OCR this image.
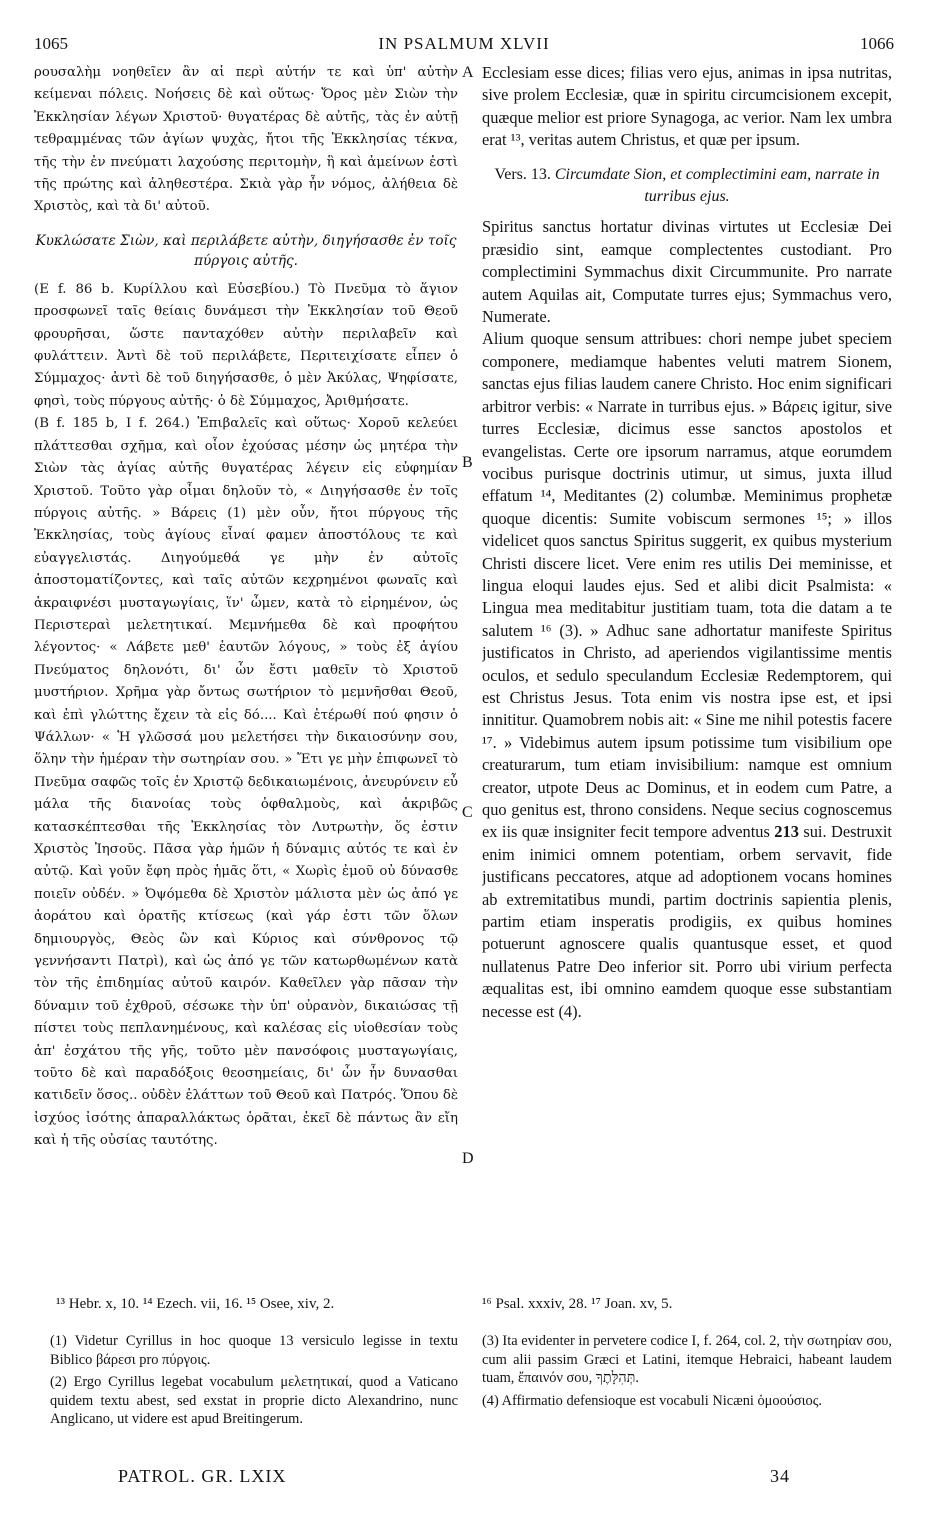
1065	IN PSALMUM XLVII	1066

ρουσαλὴμ νοηθεῖεν ἂν αἱ περὶ αὐτήν τε καὶ ὑπ' αὐτὴν κείμεναι πόλεις. Νοήσεις δὲ καὶ οὕτως· Ὄρος μὲν Σιὼν τὴν Ἐκκλησίαν λέγων Χριστοῦ· θυγατέρας δὲ αὐτῆς, τὰς ἐν αὐτῇ τεθραμμένας τῶν ἁγίων ψυχὰς, ἤτοι τῆς Ἐκκλησίας τέκνα, τῆς τὴν ἐν πνεύματι λαχούσης περιτομὴν, ἣ καὶ ἀμείνων ἐστὶ τῆς πρώτης καὶ ἀληθεστέρα. Σκιὰ γὰρ ἦν νόμος, ἀλήθεια δὲ Χριστὸς, καὶ τὰ δι' αὐτοῦ.

Κυκλώσατε Σιὼν, καὶ περιλάβετε αὐτὴν, διηγήσασθε ἐν τοῖς πύργοις αὐτῆς.

(E f. 86 b. Κυρίλλου καὶ Εὐσεβίου.) Τὸ Πνεῦμα τὸ ἅγιον προσφωνεῖ ταῖς θείαις δυνάμεσι τὴν Ἐκκλησίαν τοῦ Θεοῦ φρουρῆσαι, ὥστε πανταχόθεν αὐτὴν περιλαβεῖν καὶ φυλάττειν. Ἀντὶ δὲ τοῦ περιλάβετε, Περιτειχίσατε εἶπεν ὁ Σύμμαχος· ἀντὶ δὲ τοῦ διηγήσασθε, ὁ μὲν Ἀκύλας, Ψηφίσατε, φησὶ, τοὺς πύργους αὐτῆς· ὁ δὲ Σύμμαχος, Ἀριθμήσατε.

(B f. 185 b, I f. 264.) Ἐπιβαλεῖς καὶ οὕτως· Χοροῦ κελεύει πλάττεσθαι σχῆμα, καὶ οἷον ἐχούσας μέσην ὡς μητέρα τὴν Σιὼν τὰς ἁγίας αὐτῆς θυγατέρας λέγειν εἰς εὐφημίαν Χριστοῦ. Τοῦτο γὰρ οἶμαι δηλοῦν τὸ, « Διηγήσασθε ἐν τοῖς πύργοις αὐτῆς. » Βάρεις (1) μὲν οὖν, ἤτοι πύργους τῆς Ἐκκλησίας, τοὺς ἁγίους εἶναί φαμεν ἀποστόλους τε καὶ εὐαγγελιστάς. Διηγούμεθά γε μὴν ἐν αὐτοῖς ἀποστοματίζοντες, καὶ ταῖς αὐτῶν κεχρημένοι φωναῖς καὶ ἀκραιφνέσι μυσταγωγίαις, ἵν' ὦμεν, κατὰ τὸ εἰρημένον, ὡς Περιστεραὶ μελετητικαί. Μεμνήμεθα δὲ καὶ προφήτου λέγοντος· « Λάβετε μεθ' ἑαυτῶν λόγους, » τοὺς ἐξ ἁγίου Πνεύματος δηλονότι, δι' ὧν ἔστι μαθεῖν τὸ Χριστοῦ μυστήριον. Χρῆμα γὰρ ὄντως σωτήριον τὸ μεμνῆσθαι Θεοῦ, καὶ ἐπὶ γλώττης ἔχειν τὰ εἰς δό.... Καὶ ἑτέρωθί πού φησιν ὁ Ψάλλων· « Ἡ γλῶσσά μου μελετήσει τὴν δικαιοσύνην σου, ὅλην τὴν ἡμέραν τὴν σωτηρίαν σου. » Ἔτι γε μὴν ἐπιφωνεῖ τὸ Πνεῦμα σαφῶς τοῖς ἐν Χριστῷ δεδικαιωμένοις, ἀνευρύνειν εὖ μάλα τῆς διανοίας τοὺς ὀφθαλμοὺς, καὶ ἀκριβῶς κατασκέπτεσθαι τῆς Ἐκκλησίας τὸν Λυτρωτὴν, ὅς ἐστιν Χριστὸς Ἰησοῦς. Πᾶσα γὰρ ἡμῶν ἡ δύναμις αὐτός τε καὶ ἐν αὐτῷ. Καὶ γοῦν ἔφη πρὸς ἡμᾶς ὅτι, « Χωρὶς ἐμοῦ οὐ δύνασθε ποιεῖν οὐδέν. » Ὀψόμεθα δὲ Χριστὸν μάλιστα μὲν ὡς ἀπό γε ἀοράτου καὶ ὁρατῆς κτίσεως (καὶ γάρ ἐστι τῶν ὅλων δημιουργὸς, Θεὸς ὢν καὶ Κύριος καὶ σύνθρονος τῷ γεννήσαντι Πατρὶ), καὶ ὡς ἀπό γε τῶν κατωρθωμένων κατὰ τὸν τῆς ἐπιδημίας αὐτοῦ καιρόν. Καθεῖλεν γὰρ πᾶσαν τὴν δύναμιν τοῦ ἐχθροῦ, σέσωκε τὴν ὑπ' οὐρανὸν, δικαιώσας τῇ πίστει τοὺς πεπλανημένους, καὶ καλέσας εἰς υἱοθεσίαν τοὺς ἀπ' ἐσχάτου τῆς γῆς, τοῦτο μὲν πανσόφοις μυσταγωγίαις, τοῦτο δὲ καὶ παραδόξοις θεοσημείαις, δι' ὧν ἦν δυνασθαι κατιδεῖν ὅσος.. οὐδὲν ἐλάττων τοῦ Θεοῦ καὶ Πατρός. Ὅπου δὲ ἰσχύος ἰσότης ἀπαραλλάκτως ὁρᾶται, ἐκεῖ δὲ πάντως ἂν εἴη καὶ ἡ τῆς οὐσίας ταυτότης.

Ecclesiam esse dices; filias vero ejus, animas in ipsa nutritas, sive prolem Ecclesiæ, quæ in spiritu circumcisionem excepit, quæque melior est priore Synagoga, ac verior. Nam lex umbra erat ¹³, veritas autem Christus, et quæ per ipsum.

Vers. 13. Circumdate Sion, et complectimini eam, narrate in turribus ejus.

Spiritus sanctus hortatur divinas virtutes ut Ecclesiæ Dei præsidio sint, eamque complectentes custodiant. Pro complectimini Symmachus dixit Circummunite. Pro narrate autem Aquilas ait, Computate turres ejus; Symmachus vero, Numerate.

Alium quoque sensum attribues: chori nempe jubet speciem componere, mediamque habentes veluti matrem Sionem, sanctas ejus filias laudem canere Christo. Hoc enim significari arbitror verbis: « Narrate in turribus ejus. » Βάρεις igitur, sive turres Ecclesiæ, dicimus esse sanctos apostolos et evangelistas. Certe ore ipsorum narramus, atque eorumdem vocibus purisque doctrinis utimur, ut simus, juxta illud effatum ¹⁴, Meditantes (2) columbæ. Meminimus prophetæ quoque dicentis: Sumite vobiscum sermones ¹⁵; » illos videlicet quos sanctus Spiritus suggerit, ex quibus mysterium Christi discere licet. Vere enim res utilis Dei meminisse, et lingua eloqui laudes ejus. Sed et alibi dicit Psalmista: « Lingua mea meditabitur justitiam tuam, tota die datam a te salutem ¹⁶ (3). » Adhuc sane adhortatur manifeste Spiritus justificatos in Christo, ad aperiendos vigilantissime mentis oculos, et sedulo speculandum Ecclesiæ Redemptorem, qui est Christus Jesus. Tota enim vis nostra ipse est, et ipsi innititur. Quamobrem nobis ait: « Sine me nihil potestis facere ¹⁷. » Videbimus autem ipsum potissime tum visibilium ope creaturarum, tum etiam invisibilium: namque est omnium creator, utpote Deus ac Dominus, et in eodem cum Patre, a quo genitus est, throno considens. Neque secius cognoscemus ex iis quæ insigniter fecit tempore adventus 213 sui. Destruxit enim inimici omnem potentiam, orbem servavit, fide justificans peccatores, atque ad adoptionem vocans homines ab extremitatibus mundi, partim doctrinis sapientia plenis, partim etiam insperatis prodigiis, ex quibus homines potuerunt agnoscere qualis quantusque esset, et quod nullatenus Patre Deo inferior sit. Porro ubi virium perfecta æqualitas est, ibi omnino eamdem quoque esse substantiam necesse est (4).

A
B
C
D
¹³ Hebr. x, 10. ¹⁴ Ezech. vii, 16. ¹⁵ Osee, xiv, 2.	¹⁶ Psal. xxxiv, 28. ¹⁷ Joan. xv, 5.

(1) Videtur Cyrillus in hoc quoque 13 versiculo legisse in textu Biblico βάρεσι pro πύργοις.

(2) Ergo Cyrillus legebat vocabulum μελετητικαί, quod a Vaticano quidem textu abest, sed exstat in proprie dicto Alexandrino, nunc Anglicano, ut videre est apud Breitingerum.

(3) Ita evidenter in pervetere codice I, f. 264, col. 2, τὴν σωτηρίαν σου, cum alii passim Græci et Latini, itemque Hebraici, habeant laudem tuam, ἔπαινόν σου, תְּהִלָּתֶךָ.

(4) Affirmatio defensioque est vocabuli Nicæni ὁμοούσιος.

PATROL. GR. LXIX	34
